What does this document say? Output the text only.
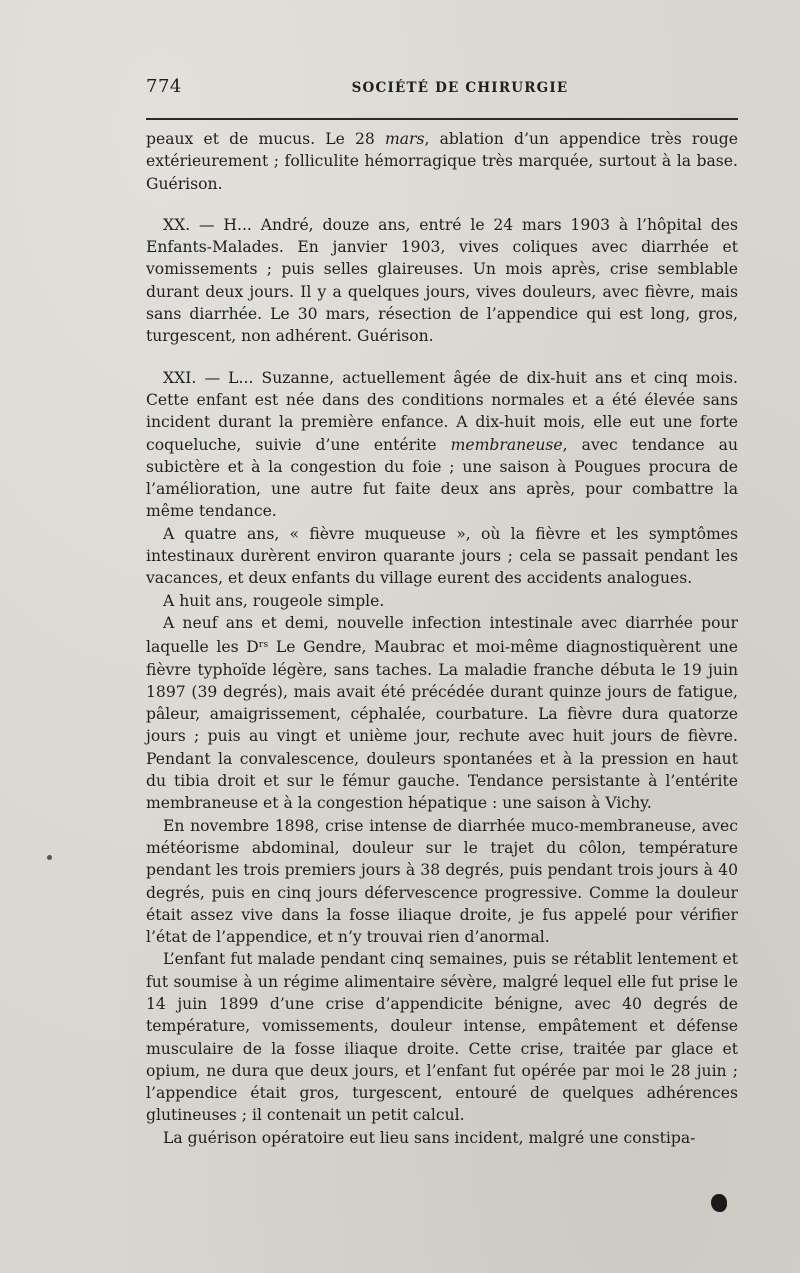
774	SOCIÉTÉ DE CHIRURGIE

peaux et de mucus. Le 28 mars, ablation d’un appendice très rouge extérieurement ; folliculite hémorragique très marquée, surtout à la base. Guérison.

XX. — H... André, douze ans, entré le 24 mars 1903 à l’hôpital des Enfants-Malades. En janvier 1903, vives coliques avec diarrhée et vomissements ; puis selles glaireuses. Un mois après, crise semblable durant deux jours. Il y a quelques jours, vives douleurs, avec fièvre, mais sans diarrhée. Le 30 mars, résection de l’appendice qui est long, gros, turgescent, non adhérent. Guérison.

XXI. — L... Suzanne, actuellement âgée de dix-huit ans et cinq mois. Cette enfant est née dans des conditions normales et a été élevée sans incident durant la première enfance. A dix-huit mois, elle eut une forte coqueluche, suivie d’une entérite membraneuse, avec tendance au subictère et à la congestion du foie ; une saison à Pougues procura de l’amélioration, une autre fut faite deux ans après, pour combattre la même tendance.

A quatre ans, « fièvre muqueuse », où la fièvre et les symptômes intestinaux durèrent environ quarante jours ; cela se passait pendant les vacances, et deux enfants du village eurent des accidents analogues.

A huit ans, rougeole simple.

A neuf ans et demi, nouvelle infection intestinale avec diarrhée pour laquelle les $D^{rs}$ Le Gendre, Maubrac et moi-même diagnostiquèrent une fièvre typhoïde légère, sans taches. La maladie franche débuta le 19 juin 1897 (39 degrés), mais avait été précédée durant quinze jours de fatigue, pâleur, amaigrissement, céphalée, courbature. La fièvre dura quatorze jours ; puis au vingt et unième jour, rechute avec huit jours de fièvre. Pendant la convalescence, douleurs spontanées et à la pression en haut du tibia droit et sur le fémur gauche. Tendance persistante à l’entérite membraneuse et à la congestion hépatique : une saison à Vichy.

En novembre 1898, crise intense de diarrhée muco-membraneuse, avec météorisme abdominal, douleur sur le trajet du côlon, température pendant les trois premiers jours à 38 degrés, puis pendant trois jours à 40 degrés, puis en cinq jours défervescence progressive. Comme la douleur était assez vive dans la fosse iliaque droite, je fus appelé pour vérifier l’état de l’appendice, et n’y trouvai rien d’anormal.

L’enfant fut malade pendant cinq semaines, puis se rétablit lentement et fut soumise à un régime alimentaire sévère, malgré lequel elle fut prise le 14 juin 1899 d’une crise d’appendicite bénigne, avec 40 degrés de température, vomissements, douleur intense, empâtement et défense musculaire de la fosse iliaque droite. Cette crise, traitée par glace et opium, ne dura que deux jours, et l’enfant fut opérée par moi le 28 juin ; l’appendice était gros, turgescent, entouré de quelques adhérences glutineuses ; il contenait un petit calcul.

La guérison opératoire eut lieu sans incident, malgré une constipa-
